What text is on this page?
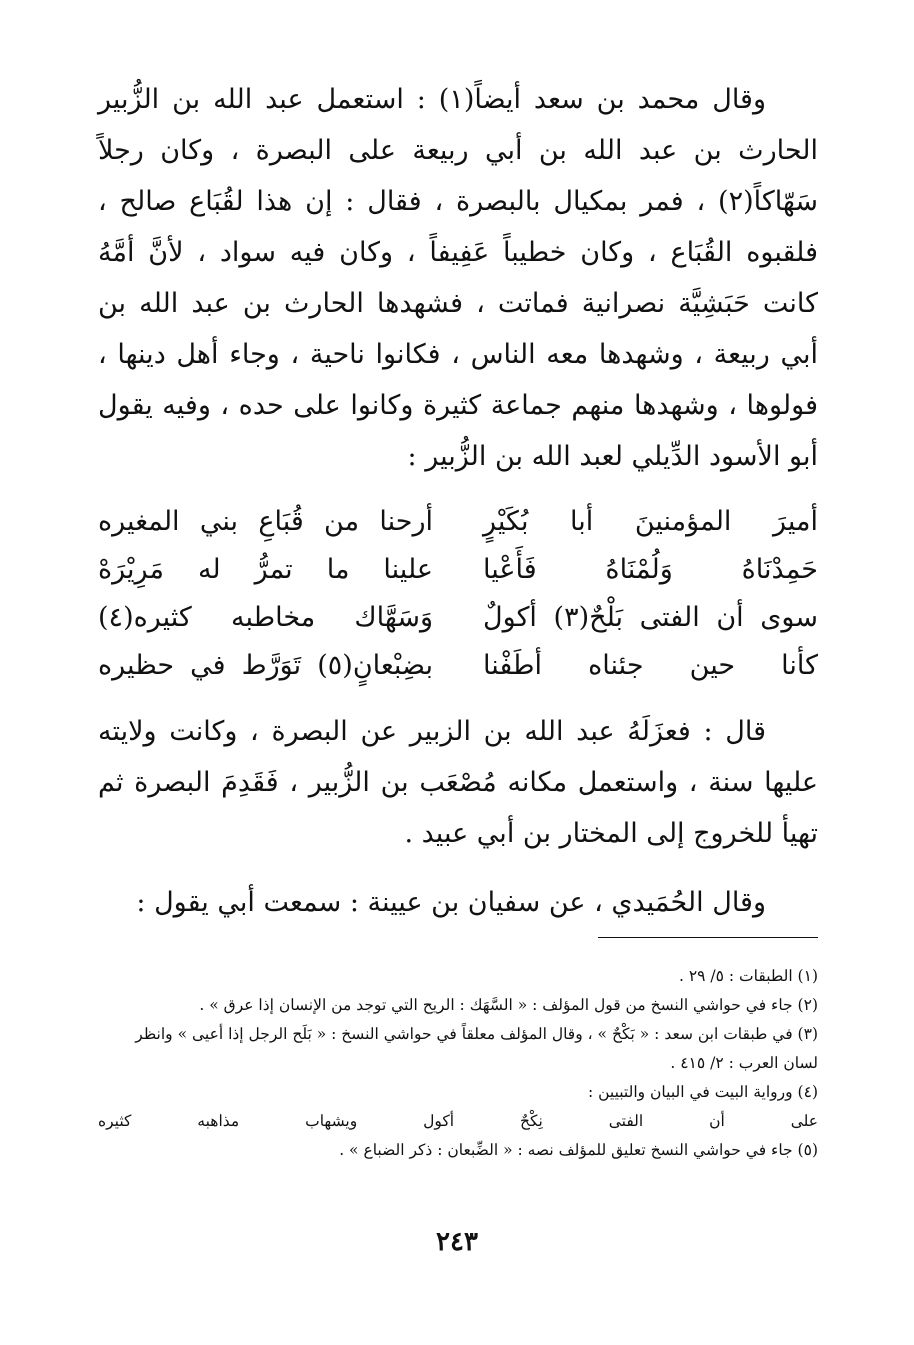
وقال محمد بن سعد أيضاً(١) : استعمل عبد الله بن الزُّبير الحارث بن عبد الله بن أبي ربيعة على البصرة ، وكان رجلاً سَهّاكاً(٢) ، فمر بمكيال بالبصرة ، فقال : إن هذا لقُبَاع صالح ، فلقبوه القُبَاع ، وكان خطيباً عَفِيفاً ، وكان فيه سواد ، لأنَّ أمَّهُ كانت حَبَشِيَّة نصرانية فماتت ، فشهدها الحارث بن عبد الله بن أبي ربيعة ، وشهدها معه الناس ، فكانوا ناحية ، وجاء أهل دينها ، فولوها ، وشهدها منهم جماعة كثيرة وكانوا على حده ، وفيه يقول أبو الأسود الدِّيلي لعبد الله بن الزُّبير :

أميرَ المؤمنينَ أبا بُكَيْرٍ
أرحنا من قُبَاعِ بني المغيره
حَمِدْنَاهُ وَلُمْنَاهُ فَأَعْيا
علينا ما تمرُّ له مَرِيْرَهْ
سوى أن الفتى بَلْحٌ(٣) أكولٌ
وَسَهَّاك مخاطبه كثيره(٤)
كأنا حين جئناه أطَفْنا
بضِبْعانٍ(٥) تَوَرَّط في حظيره

قال : فعزَلَهُ عبد الله بن الزبير عن البصرة ، وكانت ولايته عليها سنة ، واستعمل مكانه مُصْعَب بن الزُّبير ، فَقَدِمَ البصرة ثم تهيأ للخروج إلى المختار بن أبي عبيد .

وقال الحُمَيدي ، عن سفيان بن عيينة : سمعت أبي يقول :

(١) الطبقات : ٥/ ٢٩ .

(٢) جاء في حواشي النسخ من قول المؤلف : « السَّهَك : الريح التي توجد من الإنسان إذا عرق » .

(٣) في طبقات ابن سعد : « بَكْحٌ » ، وقال المؤلف معلقاً في حواشي النسخ : « بَلَح الرجل إذا أعيى » وانظر لسان العرب : ٢/ ٤١٥ .

(٤) ورواية البيت في البيان والتبيين :

على أن الفتى نِكْحٌ أكول ويشهاب مذاهبه كثيره

(٥) جاء في حواشي النسخ تعليق للمؤلف نصه : « الضِّبعان : ذكر الضباع » .

٢٤٣
